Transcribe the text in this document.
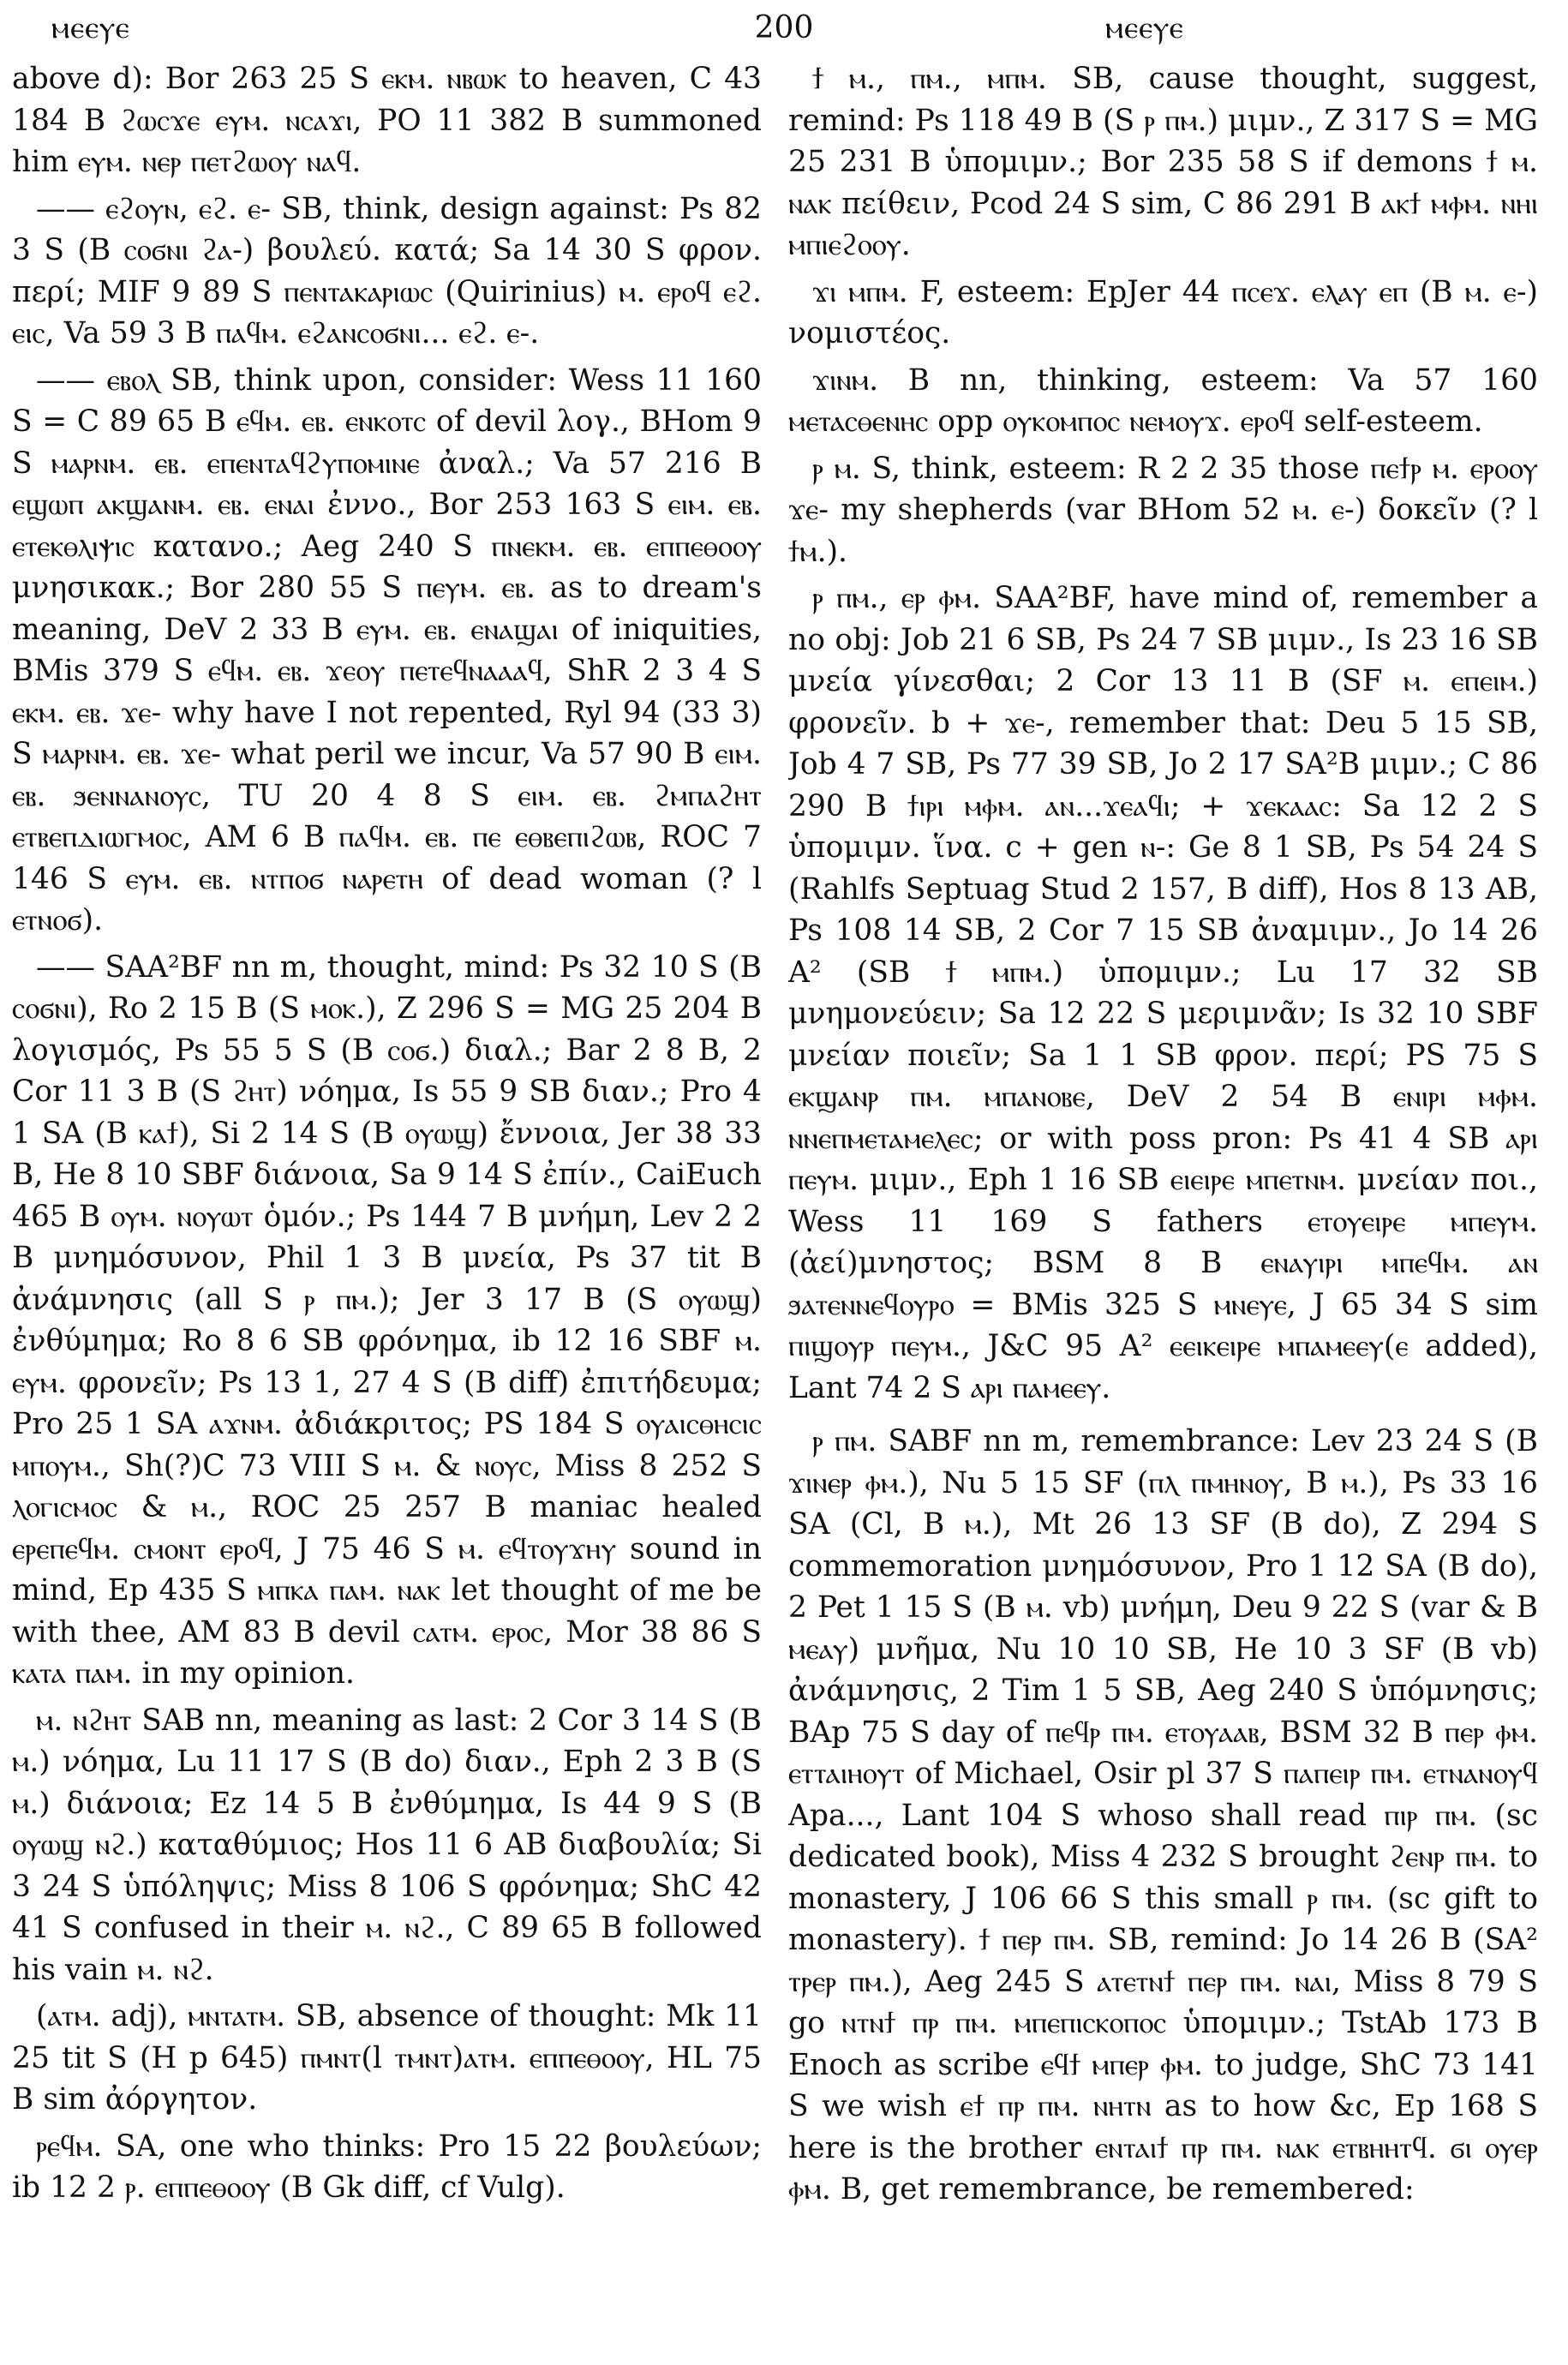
ⲙⲉⲉⲩⲉ	200	ⲙⲉⲉⲩⲉ

above d): Bor 263 25 S ⲉⲕⲙ. ⲛⲃⲱⲕ to heaven, C 43 184 B ϩⲱⲥϫⲉ ⲉⲩⲙ. ⲛⲥⲁϫⲓ, PO 11 382 B summoned him ⲉⲩⲙ. ⲛⲉⲣ ⲡⲉⲧϩⲱⲟⲩ ⲛⲁϥ.

—— ⲉϩⲟⲩⲛ, ⲉϩ. ⲉ- SB, think, design against: Ps 82 3 S (B ⲥⲟϭⲛⲓ ϩⲁ-) βουλεύ. κατά; Sa 14 30 S φρον. περί; MIF 9 89 S ⲡⲉⲛⲧⲁⲕⲁⲣⲓⲱⲥ (Quirinius) ⲙ. ⲉⲣⲟϥ ⲉϩ. ⲉⲓⲥ, Va 59 3 B ⲡⲁϥⲙ. ⲉϩⲁⲛⲥⲟϭⲛⲓ... ⲉϩ. ⲉ-.

—— ⲉⲃⲟⲗ SB, think upon, consider: Wess 11 160 S = C 89 65 B ⲉϥⲙ. ⲉⲃ. ⲉⲛⲕⲟⲧⲥ of devil λογ., BHom 9 S ⲙⲁⲣⲛⲙ. ⲉⲃ. ⲉⲡⲉⲛⲧⲁϥϩⲩⲡⲟⲙⲓⲛⲉ ἀναλ.; Va 57 216 B ⲉϣⲱⲡ ⲁⲕϣⲁⲛⲙ. ⲉⲃ. ⲉⲛⲁⲓ ἐννο., Bor 253 163 S ⲉⲓⲙ. ⲉⲃ. ⲉⲧⲉⲕⲑⲗⲓⲯⲓⲥ κατανο.; Aeg 240 S ⲡⲛⲉⲕⲙ. ⲉⲃ. ⲉⲡⲡⲉⲑⲟⲟⲩ μνησικακ.; Bor 280 55 S ⲡⲉⲩⲙ. ⲉⲃ. as to dream's meaning, DeV 2 33 B ⲉⲩⲙ. ⲉⲃ. ⲉⲛⲁϣⲁⲓ of iniquities, BMis 379 S ⲉϥⲙ. ⲉⲃ. ϫⲉⲟⲩ ⲡⲉⲧⲉϥⲛⲁⲁⲁϥ, ShR 2 3 4 S ⲉⲕⲙ. ⲉⲃ. ϫⲉ- why have I not repented, Ryl 94 (33 3) S ⲙⲁⲣⲛⲙ. ⲉⲃ. ϫⲉ- what peril we incur, Va 57 90 B ⲉⲓⲙ. ⲉⲃ. ϧⲉⲛⲛⲁⲛⲟⲩⲥ, TU 20 4 8 S ⲉⲓⲙ. ⲉⲃ. ϩⲙⲡⲁϩⲏⲧ ⲉⲧⲃⲉⲡⲇⲓⲱⲅⲙⲟⲥ, AM 6 B ⲡⲁϥⲙ. ⲉⲃ. ⲡⲉ ⲉⲑⲃⲉⲡⲓϩⲱⲃ, ROC 7 146 S ⲉⲩⲙ. ⲉⲃ. ⲛⲧⲡⲟϭ ⲛⲁⲣⲉⲧⲏ of dead woman (? l ⲉⲧⲛⲟϭ).

—— SAA²BF nn m, thought, mind: Ps 32 10 S (B ⲥⲟϭⲛⲓ), Ro 2 15 B (S ⲙⲟⲕ.), Z 296 S = MG 25 204 B λογισμός, Ps 55 5 S (B ⲥⲟϭ.) διαλ.; Bar 2 8 B, 2 Cor 11 3 B (S ϩⲏⲧ) νόημα, Is 55 9 SB διαν.; Pro 4 1 SA (B ⲕⲁϯ), Si 2 14 S (B ⲟⲩⲱϣ) ἔννοια, Jer 38 33 B, He 8 10 SBF διάνοια, Sa 9 14 S ἐπίν., CaiEuch 465 B ⲟⲩⲙ. ⲛⲟⲩⲱⲧ ὁμόν.; Ps 144 7 B μνήμη, Lev 2 2 B μνημόσυνον, Phil 1 3 B μνεία, Ps 37 tit B ἀνάμνησις (all S ⲣ ⲡⲙ.); Jer 3 17 B (S ⲟⲩⲱϣ) ἐνθύμημα; Ro 8 6 SB φρόνημα, ib 12 16 SBF ⲙ. ⲉⲩⲙ. φρονεῖν; Ps 13 1, 27 4 S (B diff) ἐπιτήδευμα; Pro 25 1 SA ⲁϫⲛⲙ. ἀδιάκριτος; PS 184 S ⲟⲩⲁⲓⲥⲑⲏⲥⲓⲥ ⲙⲡⲟⲩⲙ., Sh(?)C 73 VIII S ⲙ. & ⲛⲟⲩⲥ, Miss 8 252 S ⲗⲟⲅⲓⲥⲙⲟⲥ & ⲙ., ROC 25 257 B maniac healed ⲉⲣⲉⲡⲉϥⲙ. ⲥⲙⲟⲛⲧ ⲉⲣⲟϥ, J 75 46 S ⲙ. ⲉϥⲧⲟⲩϫⲏⲩ sound in mind, Ep 435 S ⲙⲡⲕⲁ ⲡⲁⲙ. ⲛⲁⲕ let thought of me be with thee, AM 83 B devil ⲥⲁⲧⲙ. ⲉⲣⲟⲥ, Mor 38 86 S ⲕⲁⲧⲁ ⲡⲁⲙ. in my opinion.

ⲙ. ⲛϩⲏⲧ SAB nn, meaning as last: 2 Cor 3 14 S (B ⲙ.) νόημα, Lu 11 17 S (B do) διαν., Eph 2 3 B (S ⲙ.) διάνοια; Ez 14 5 B ἐνθύμημα, Is 44 9 S (B ⲟⲩⲱϣ ⲛϩ.) καταθύμιος; Hos 11 6 AB διαβουλία; Si 3 24 S ὑπόληψις; Miss 8 106 S φρόνημα; ShC 42 41 S confused in their ⲙ. ⲛϩ., C 89 65 B followed his vain ⲙ. ⲛϩ.

(ⲁⲧⲙ. adj), ⲙⲛⲧⲁⲧⲙ. SB, absence of thought: Mk 11 25 tit S (H p 645) ⲡⲙⲛⲧ(l ⲧⲙⲛⲧ)ⲁⲧⲙ. ⲉⲡⲡⲉⲑⲟⲟⲩ, HL 75 B sim ἀόργητον.

ⲣⲉϥⲙ. SA, one who thinks: Pro 15 22 βουλεύων; ib 12 2 ⲣ. ⲉⲡⲡⲉⲑⲟⲟⲩ (B Gk diff, cf Vulg).

ϯ ⲙ., ⲡⲙ., ⲙⲡⲙ. SB, cause thought, suggest, remind: Ps 118 49 B (S ⲣ ⲡⲙ.) μιμν., Z 317 S = MG 25 231 B ὑπομιμν.; Bor 235 58 S if demons ϯ ⲙ. ⲛⲁⲕ πείθειν, Pcod 24 S sim, C 86 291 B ⲁⲕϯ ⲙⲫⲙ. ⲛⲏⲓ ⲙⲡⲓⲉϩⲟⲟⲩ.

ϫⲓ ⲙⲡⲙ. F, esteem: EpJer 44 ⲡⲥⲉϫ. ⲉⲗⲁⲩ ⲉⲡ (B ⲙ. ⲉ-) νομιστέος.

ϫⲓⲛⲙ. B nn, thinking, esteem: Va 57 160 ⲙⲉⲧⲁⲥⲑⲉⲛⲏⲥ opp ⲟⲩⲕⲟⲙⲡⲟⲥ ⲛⲉⲙⲟⲩϫ. ⲉⲣⲟϥ self-esteem.

ⲣ ⲙ. S, think, esteem: R 2 2 35 those ⲡⲉϯⲣ ⲙ. ⲉⲣⲟⲟⲩ ϫⲉ- my shepherds (var BHom 52 ⲙ. ⲉ-) δοκεῖν (? l ϯⲙ.).

ⲣ ⲡⲙ., ⲉⲣ ⲫⲙ. SAA²BF, have mind of, remember a no obj: Job 21 6 SB, Ps 24 7 SB μιμν., Is 23 16 SB μνεία γίνεσθαι; 2 Cor 13 11 B (SF ⲙ. ⲉⲡⲉⲓⲙ.) φρονεῖν. b + ϫⲉ-, remember that: Deu 5 15 SB, Job 4 7 SB, Ps 77 39 SB, Jo 2 17 SA²B μιμν.; C 86 290 B ϯⲓⲣⲓ ⲙⲫⲙ. ⲁⲛ...ϫⲉⲁϥⲓ; + ϫⲉⲕⲁⲁⲥ: Sa 12 2 S ὑπομιμν. ἵνα. c + gen ⲛ-: Ge 8 1 SB, Ps 54 24 S (Rahlfs Septuag Stud 2 157, B diff), Hos 8 13 AB, Ps 108 14 SB, 2 Cor 7 15 SB ἀναμιμν., Jo 14 26 A² (SB ϯ ⲙⲡⲙ.) ὑπομιμν.; Lu 17 32 SB μνημονεύειν; Sa 12 22 S μεριμνᾶν; Is 32 10 SBF μνείαν ποιεῖν; Sa 1 1 SB φρον. περί; PS 75 S ⲉⲕϣⲁⲛⲣ ⲡⲙ. ⲙⲡⲁⲛⲟⲃⲉ, DeV 2 54 B ⲉⲛⲓⲣⲓ ⲙⲫⲙ. ⲛⲛⲉⲡⲙⲉⲧⲁⲙⲉⲗⲉⲥ; or with poss pron: Ps 41 4 SB ⲁⲣⲓ ⲡⲉⲩⲙ. μιμν., Eph 1 16 SB ⲉⲓⲉⲓⲣⲉ ⲙⲡⲉⲧⲛⲙ. μνείαν ποι., Wess 11 169 S fathers ⲉⲧⲟⲩⲉⲓⲣⲉ ⲙⲡⲉⲩⲙ. (ἀεί)μνηστος; BSM 8 B ⲉⲛⲁⲩⲓⲣⲓ ⲙⲡⲉϥⲙ. ⲁⲛ ϧⲁⲧⲉⲛⲛⲉϥⲟⲩⲣⲟ = BMis 325 S ⲙⲛⲉⲩⲉ, J 65 34 S sim ⲡⲓϣⲟⲩⲣ ⲡⲉⲩⲙ., J&C 95 A² ⲉⲉⲓⲕⲉⲓⲣⲉ ⲙⲡⲁⲙⲉⲉⲩ(ⲉ added), Lant 74 2 S ⲁⲣⲓ ⲡⲁⲙⲉⲉⲩ.

ⲣ ⲡⲙ. SABF nn m, remembrance: Lev 23 24 S (B ϫⲓⲛⲉⲣ ⲫⲙ.), Nu 5 15 SF (ⲡⲗ ⲡⲙⲏⲛⲟⲩ, B ⲙ.), Ps 33 16 SA (Cl, B ⲙ.), Mt 26 13 SF (B do), Z 294 S commemoration μνημόσυνον, Pro 1 12 SA (B do), 2 Pet 1 15 S (B ⲙ. vb) μνήμη, Deu 9 22 S (var & B ⲙⲉⲁⲩ) μνῆμα, Nu 10 10 SB, He 10 3 SF (B vb) ἀνάμνησις, 2 Tim 1 5 SB, Aeg 240 S ὑπόμνησις; BAp 75 S day of ⲡⲉϥⲣ ⲡⲙ. ⲉⲧⲟⲩⲁⲁⲃ, BSM 32 B ⲡⲉⲣ ⲫⲙ. ⲉⲧⲧⲁⲓⲏⲟⲩⲧ of Michael, Osir pl 37 S ⲡⲁⲡⲉⲓⲣ ⲡⲙ. ⲉⲧⲛⲁⲛⲟⲩϥ Apa..., Lant 104 S whoso shall read ⲡⲓⲣ ⲡⲙ. (sc dedicated book), Miss 4 232 S brought ϩⲉⲛⲣ ⲡⲙ. to monastery, J 106 66 S this small ⲣ ⲡⲙ. (sc gift to monastery). ϯ ⲡⲉⲣ ⲡⲙ. SB, remind: Jo 14 26 B (SA² ⲧⲣⲉⲣ ⲡⲙ.), Aeg 245 S ⲁⲧⲉⲧⲛϯ ⲡⲉⲣ ⲡⲙ. ⲛⲁⲓ, Miss 8 79 S go ⲛⲧⲛϯ ⲡⲣ ⲡⲙ. ⲙⲡⲉⲡⲓⲥⲕⲟⲡⲟⲥ ὑπομιμν.; TstAb 173 B Enoch as scribe ⲉϥϯ ⲙⲡⲉⲣ ⲫⲙ. to judge, ShC 73 141 S we wish ⲉϯ ⲡⲣ ⲡⲙ. ⲛⲏⲧⲛ as to how &c, Ep 168 S here is the brother ⲉⲛⲧⲁⲓϯ ⲡⲣ ⲡⲙ. ⲛⲁⲕ ⲉⲧⲃⲏⲏⲧϥ. ϭⲓ ⲟⲩⲉⲣ ⲫⲙ. B, get remembrance, be remembered:
